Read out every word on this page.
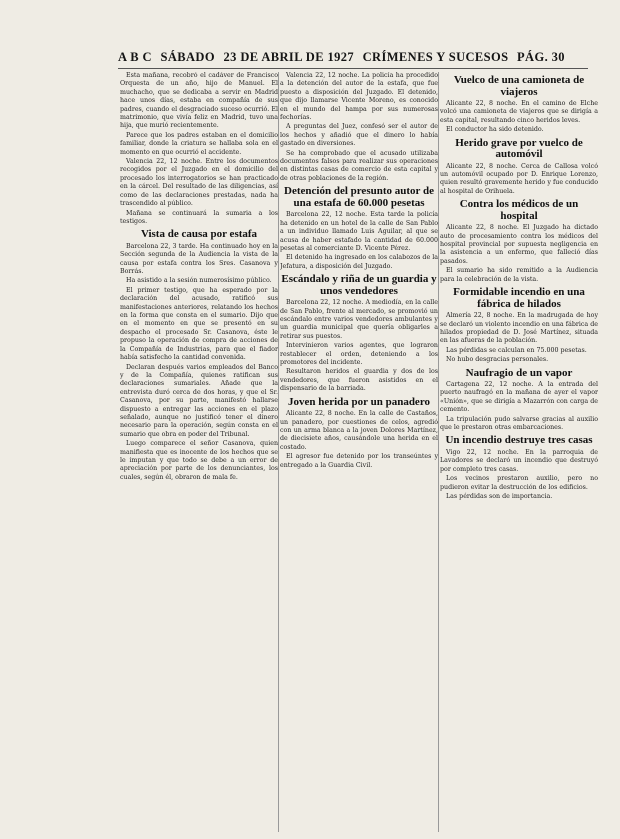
A B C SÁBADO 23 DE ABRIL DE 1927 CRÍMENES Y SUCESOS PÁG. 30

Esta mañana, recobró el cadáver de Francisco Orquesta de un año, hijo de Manuel. El muchacho, que se dedicaba a servir en Madrid hace unos días, estaba en compañía de sus padres, cuando el desgraciado suceso ocurrió. El matrimonio, que vivía feliz en Madrid, tuvo una hija, que murió recientemente.

Parece que los padres estaban en el domicilio familiar, donde la criatura se hallaba sola en el momento en que ocurrió el accidente.

Valencia 22, 12 noche. Entre los documentos recogidos por el Juzgado en el domicilio del procesado los interrogatorios se han practicado en la cárcel. Del resultado de las diligencias, así como de las declaraciones prestadas, nada ha trascendido al público.

Mañana se continuará la sumaria a los testigos.

Vista de causa por estafa

Barcelona 22, 3 tarde. Ha continuado hoy en la Sección segunda de la Audiencia la vista de la causa por estafa contra los Sres. Casanova y Borrás.

Ha asistido a la sesión numerosísimo público.

El primer testigo, que ha esperado por la declaración del acusado, ratificó sus manifestaciones anteriores, relatando los hechos en la forma que consta en el sumario. Dijo que en el momento en que se presentó en su despacho el procesado Sr. Casanova, éste le propuso la operación de compra de acciones de la Compañía de Industrias, para que el fiador había satisfecho la cantidad convenida.

Declaran después varios empleados del Banco y de la Compañía, quienes ratifican sus declaraciones sumariales. Añade que la entrevista duró cerca de dos horas, y que el Sr. Casanova, por su parte, manifestó hallarse dispuesto a entregar las acciones en el plazo señalado, aunque no justificó tener el dinero necesario para la operación, según consta en el sumario que obra en poder del Tribunal.

Luego comparece el señor Casanova, quien manifiesta que es inocente de los hechos que se le imputan y que todo se debe a un error de apreciación por parte de los denunciantes, los cuales, según él, obraron de mala fe.

Valencia 22, 12 noche. La policía ha procedido a la detención del autor de la estafa, que fue puesto a disposición del Juzgado. El detenido, que dijo llamarse Vicente Moreno, es conocido en el mundo del hampa por sus numerosas fechorías.

A preguntas del Juez, confesó ser el autor de los hechos y añadió que el dinero lo había gastado en diversiones.

Se ha comprobado que el acusado utilizaba documentos falsos para realizar sus operaciones en distintas casas de comercio de esta capital y de otras poblaciones de la región.

Detención del presunto autor de una estafa de 60.000 pesetas

Barcelona 22, 12 noche. Esta tarde la policía ha detenido en un hotel de la calle de San Pablo a un individuo llamado Luis Aguilar, al que se acusa de haber estafado la cantidad de 60.000 pesetas al comerciante D. Vicente Pérez.

El detenido ha ingresado en los calabozos de la Jefatura, a disposición del Juzgado.

Escándalo y riña de un guardia y unos vendedores

Barcelona 22, 12 noche. A mediodía, en la calle de San Pablo, frente al mercado, se promovió un escándalo entre varios vendedores ambulantes y un guardia municipal que quería obligarles a retirar sus puestos.

Intervinieron varios agentes, que lograron restablecer el orden, deteniendo a los promotores del incidente.

Resultaron heridos el guardia y dos de los vendedores, que fueron asistidos en el dispensario de la barriada.

Joven herida por un panadero

Alicante 22, 8 noche. En la calle de Castaños, un panadero, por cuestiones de celos, agredió con un arma blanca a la joven Dolores Martínez, de diecisiete años, causándole una herida en el costado.

El agresor fue detenido por los transeúntes y entregado a la Guardia Civil.

Vuelco de una camioneta de viajeros

Alicante 22, 8 noche. En el camino de Elche volcó una camioneta de viajeros que se dirigía a esta capital, resultando cinco heridos leves.

El conductor ha sido detenido.

Herido grave por vuelco de automóvil

Alicante 22, 8 noche. Cerca de Callosa volcó un automóvil ocupado por D. Enrique Lorenzo, quien resultó gravemente herido y fue conducido al hospital de Orihuela.

Contra los médicos de un hospital

Alicante 22, 8 noche. El Juzgado ha dictado auto de procesamiento contra los médicos del hospital provincial por supuesta negligencia en la asistencia a un enfermo, que falleció días pasados.

El sumario ha sido remitido a la Audiencia para la celebración de la vista.

Formidable incendio en una fábrica de hilados

Almería 22, 8 noche. En la madrugada de hoy se declaró un violento incendio en una fábrica de hilados propiedad de D. José Martínez, situada en las afueras de la población.

Las pérdidas se calculan en 75.000 pesetas.

No hubo desgracias personales.

Naufragio de un vapor

Cartagena 22, 12 noche. A la entrada del puerto naufragó en la mañana de ayer el vapor «Unión», que se dirigía a Mazarrón con carga de cemento.

La tripulación pudo salvarse gracias al auxilio que le prestaron otras embarcaciones.

Un incendio destruye tres casas

Vigo 22, 12 noche. En la parroquia de Lavadores se declaró un incendio que destruyó por completo tres casas.

Los vecinos prestaron auxilio, pero no pudieron evitar la destrucción de los edificios.

Las pérdidas son de importancia.
